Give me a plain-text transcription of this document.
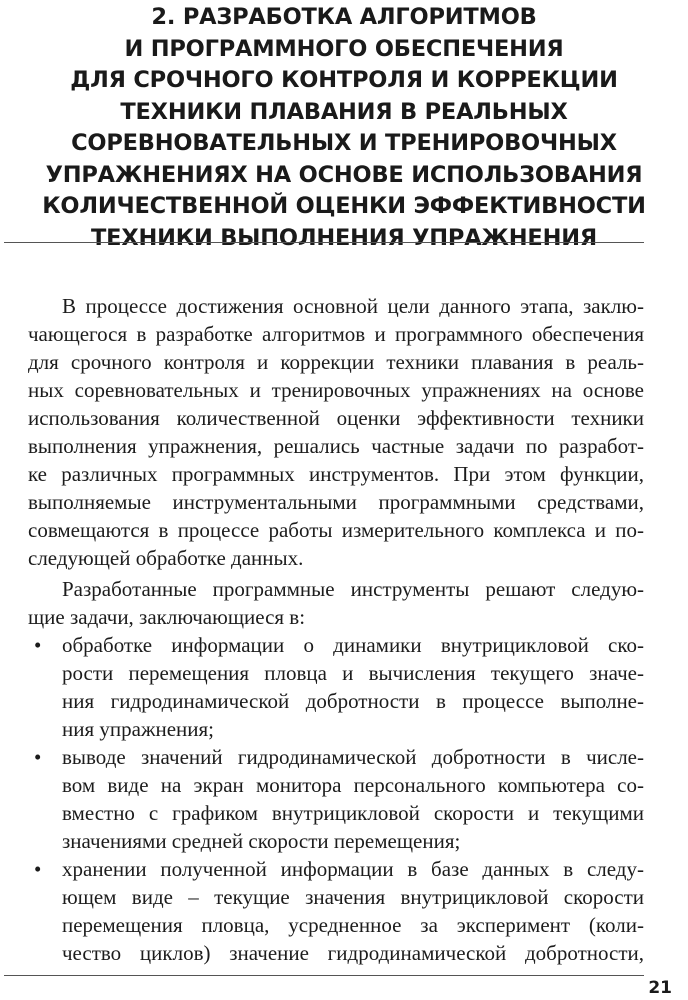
2. РАЗРАБОТКА АЛГОРИТМОВ
И ПРОГРАММНОГО ОБЕСПЕЧЕНИЯ
ДЛЯ СРОЧНОГО КОНТРОЛЯ И КОРРЕКЦИИ
ТЕХНИКИ ПЛАВАНИЯ В РЕАЛЬНЫХ
СОРЕВНОВАТЕЛЬНЫХ И ТРЕНИРОВОЧНЫХ
УПРАЖНЕНИЯХ НА ОСНОВЕ ИСПОЛЬЗОВАНИЯ
КОЛИЧЕСТВЕННОЙ ОЦЕНКИ ЭФФЕКТИВНОСТИ
ТЕХНИКИ ВЫПОЛНЕНИЯ УПРАЖНЕНИЯ
В процессе достижения основной цели данного этапа, заклю-
чающегося в разработке алгоритмов и программного обеспечения
для срочного контроля и коррекции техники плавания в реаль-
ных соревновательных и тренировочных упражнениях на основе
использования количественной оценки эффективности техники
выполнения упражнения, решались частные задачи по разработ-
ке различных программных инструментов. При этом функции,
выполняемые инструментальными программными средствами,
совмещаются в процессе работы измерительного комплекса и по-
следующей обработке данных.
Разработанные программные инструменты решают следую-
щие задачи, заключающиеся в:
• обработке информации о динамики внутрицикловой ско-
рости перемещения пловца и вычисления текущего значе-
ния гидродинамической добротности в процессе выполне-
ния упражнения;
• выводе значений гидродинамической добротности в числе-
вом виде на экран монитора персонального компьютера со-
вместно с графиком внутрицикловой скорости и текущими
значениями средней скорости перемещения;
• хранении полученной информации в базе данных в следу-
ющем виде – текущие значения внутрицикловой скорости
перемещения пловца, усредненное за эксперимент (коли-
чество циклов) значение гидродинамической добротности,
21
